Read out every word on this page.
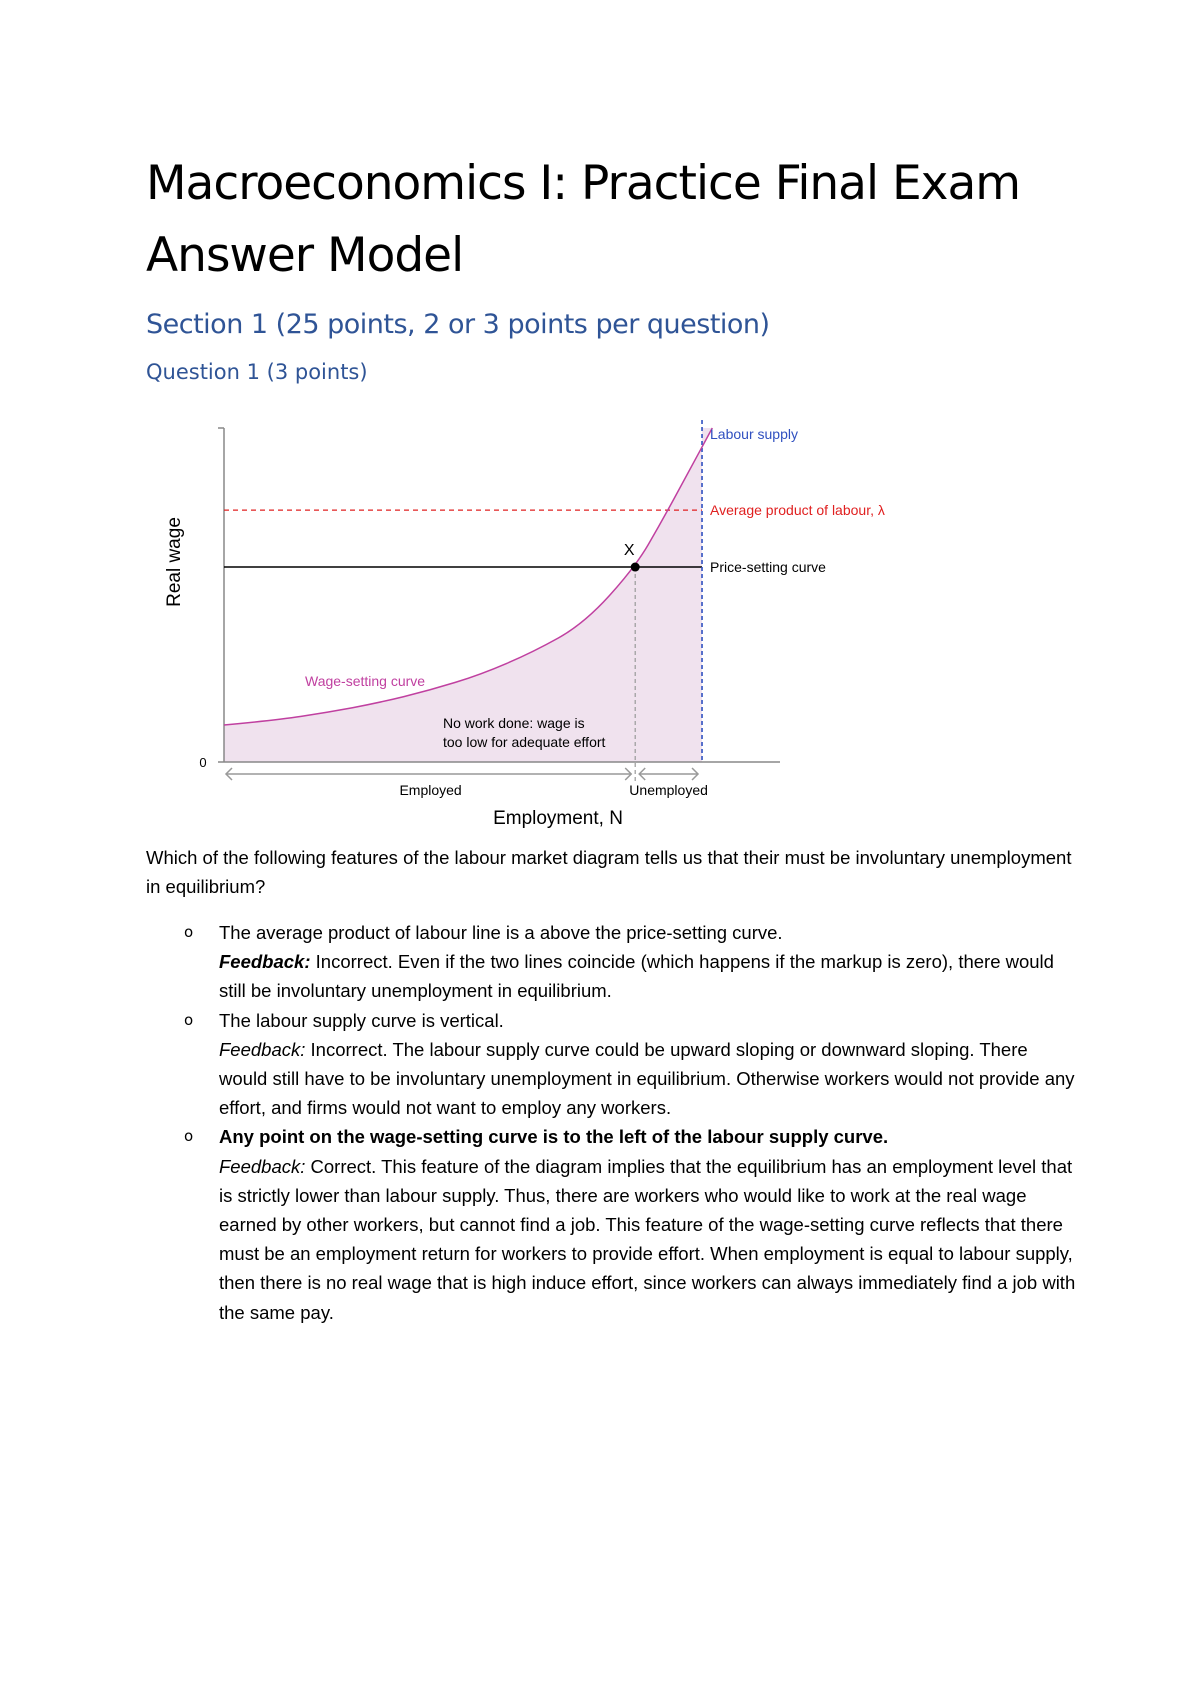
Macroeconomics I: Practice Final Exam
Answer Model
Section 1 (25 points, 2 or 3 points per question)
Question 1 (3 points)
X
Labour supply
Average product of labour, λ
Price-setting curve
Wage-setting curve
No work done: wage is
too low for adequate effort
Real wage
0
Employed	Unemployed
Employment, N

Which of the following features of the labour market diagram tells us that their must be involuntary unemployment in equilibrium?

o The average product of labour line is a above the price-setting curve.
Feedback: Incorrect. Even if the two lines coincide (which happens if the markup is zero), there would still be involuntary unemployment in equilibrium.
o The labour supply curve is vertical.
Feedback: Incorrect. The labour supply curve could be upward sloping or downward sloping. There would still have to be involuntary unemployment in equilibrium. Otherwise workers would not provide any effort, and firms would not want to employ any workers.
o Any point on the wage-setting curve is to the left of the labour supply curve.
Feedback: Correct. This feature of the diagram implies that the equilibrium has an employment level that is strictly lower than labour supply. Thus, there are workers who would like to work at the real wage earned by other workers, but cannot find a job. This feature of the wage-setting curve reflects that there must be an employment return for workers to provide effort. When employment is equal to labour supply, then there is no real wage that is high induce effort, since workers can always immediately find a job with the same pay.
